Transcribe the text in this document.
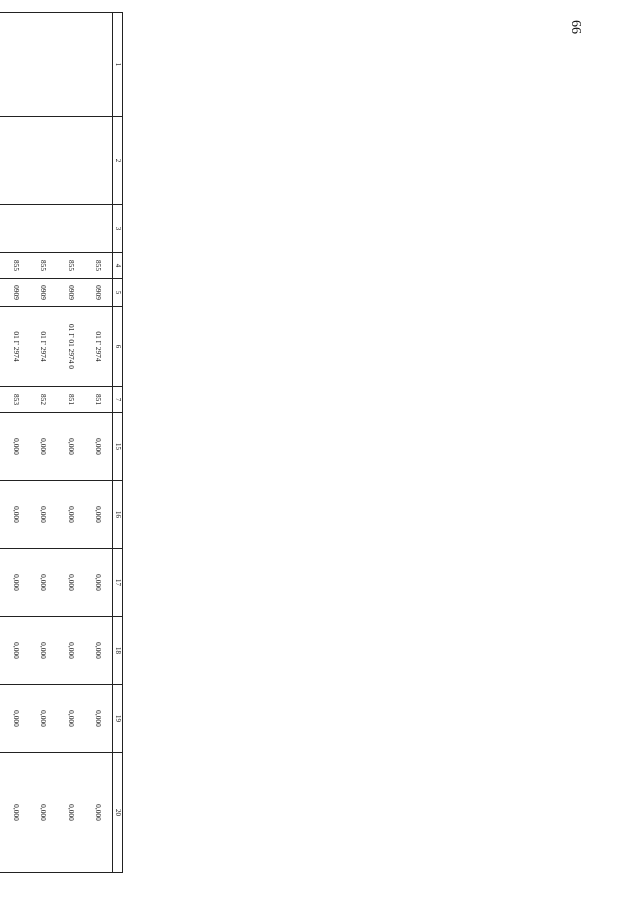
66
1	2	3	4	5	6	7	15	16	17	18	19	20
			855	0909	01 Г 2974	851	0,000	0,000	0,000	0,000	0,000	0,000
			855	0909	01 Г 01 2974 0	851	0,000	0,000	0,000	0,000	0,000	0,000
			855	0909	01 Г 2974	852	0,000	0,000	0,000	0,000	0,000	0,000
			855	0909	01 Г 2974	853	0,000	0,000	0,000	0,000	0,000	0,000
